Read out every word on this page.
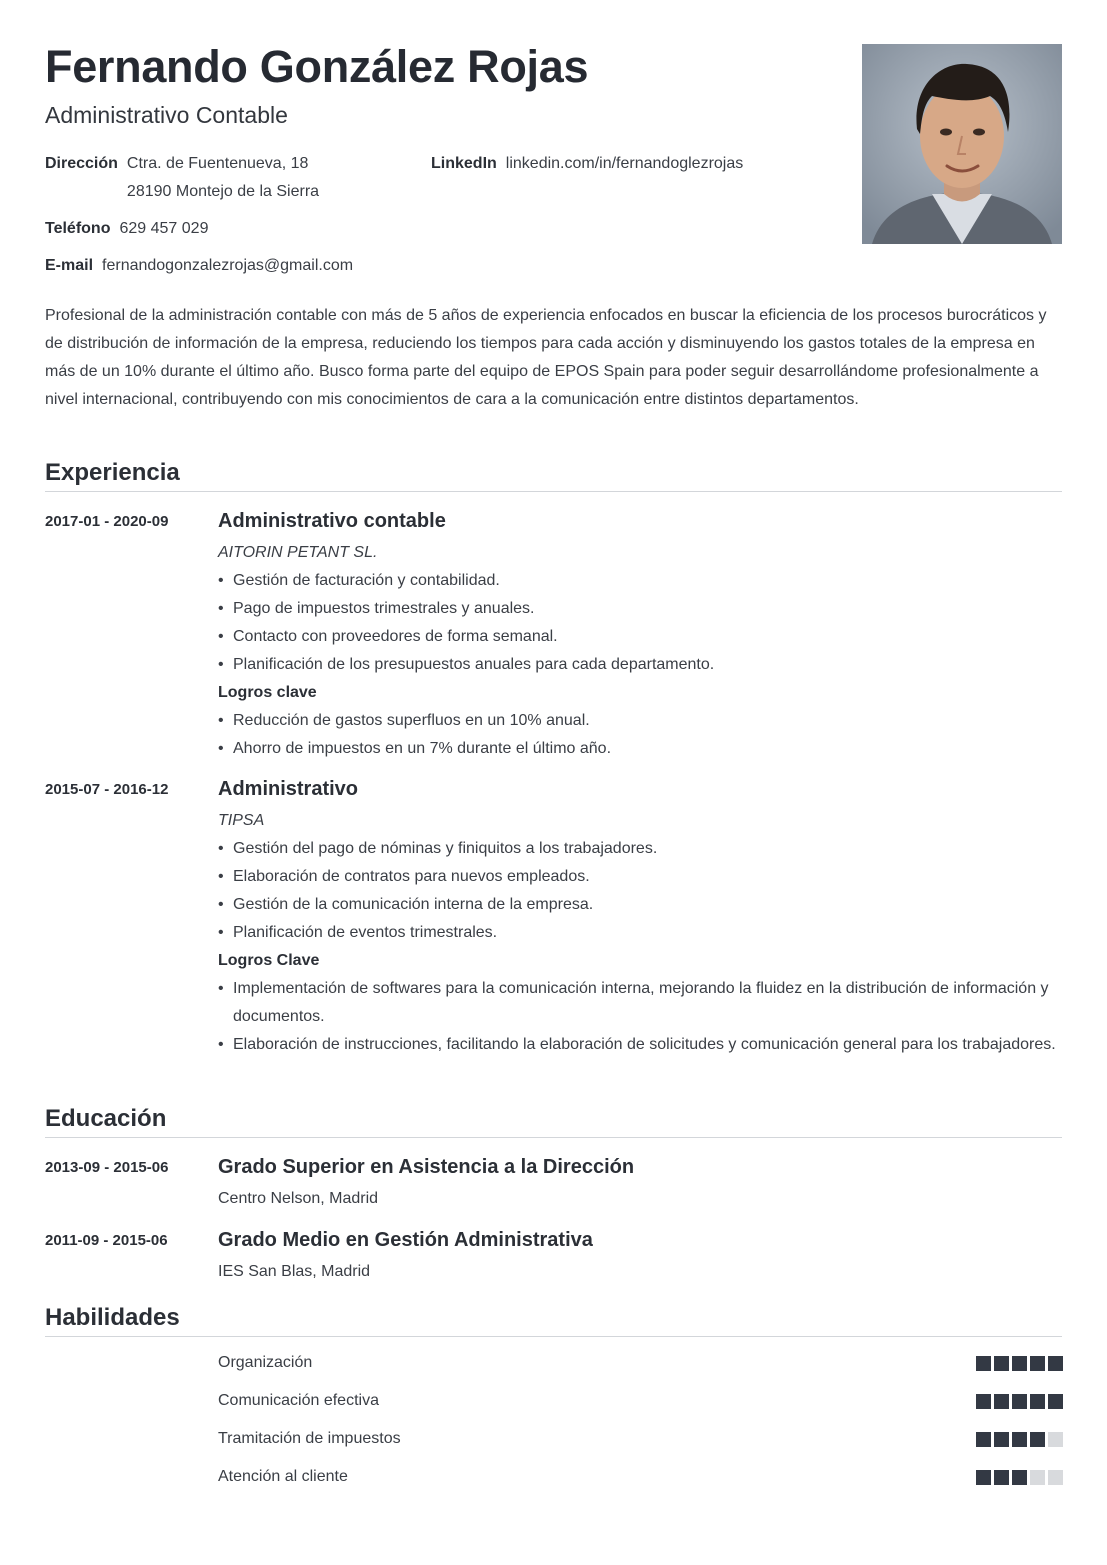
Fernando González Rojas
Administrativo Contable
Dirección Ctra. de Fuentenueva, 18
28190 Montejo de la Sierra
LinkedIn linkedin.com/in/fernandoglezrojas
Teléfono 629 457 029
E-mail fernandogonzalezrojas@gmail.com

Profesional de la administración contable con más de 5 años de experiencia enfocados en buscar la eficiencia de los procesos burocráticos y de distribución de información de la empresa, reduciendo los tiempos para cada acción y disminuyendo los gastos totales de la empresa en más de un 10% durante el último año. Busco forma parte del equipo de EPOS Spain para poder seguir desarrollándome profesionalmente a nivel internacional, contribuyendo con mis conocimientos de cara a la comunicación entre distintos departamentos.

Experiencia
2017-01 - 2020-09 Administrativo contable
AITORIN PETANT SL.
• Gestión de facturación y contabilidad.
• Pago de impuestos trimestrales y anuales.
• Contacto con proveedores de forma semanal.
• Planificación de los presupuestos anuales para cada departamento.
Logros clave
• Reducción de gastos superfluos en un 10% anual.
• Ahorro de impuestos en un 7% durante el último año.
2015-07 - 2016-12 Administrativo
TIPSA
• Gestión del pago de nóminas y finiquitos a los trabajadores.
• Elaboración de contratos para nuevos empleados.
• Gestión de la comunicación interna de la empresa.
• Planificación de eventos trimestrales.
Logros Clave
• Implementación de softwares para la comunicación interna, mejorando la fluidez en la distribución de información y documentos.
• Elaboración de instrucciones, facilitando la elaboración de solicitudes y comunicación general para los trabajadores.
Educación
2013-09 - 2015-06 Grado Superior en Asistencia a la Dirección
Centro Nelson, Madrid
2011-09 - 2015-06	Grado Medio en Gestión Administrativa
IES San Blas, Madrid
Habilidades
Organización
Comunicación efectiva
Tramitación de impuestos
Atención al cliente
